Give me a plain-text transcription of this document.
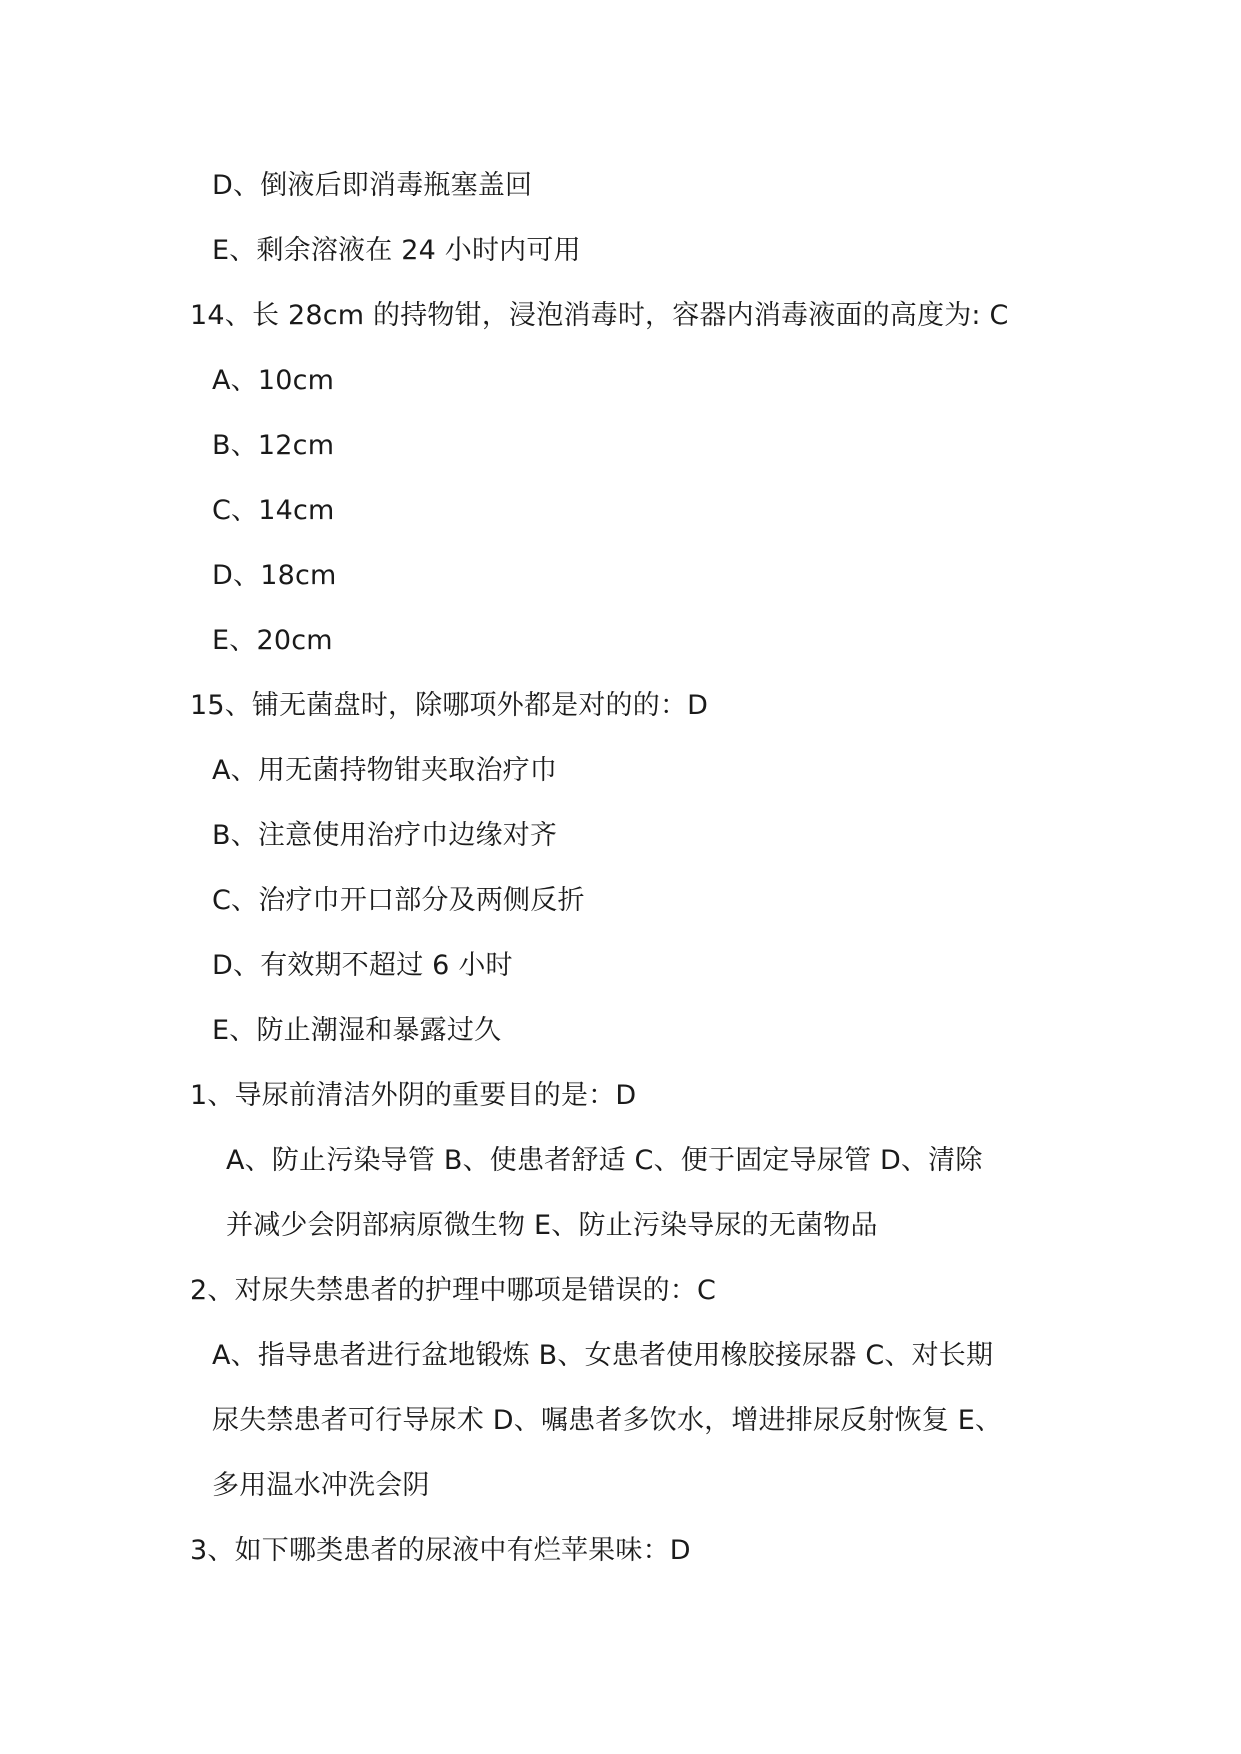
D、倒液后即消毒瓶塞盖回
E、剩余溶液在 24 小时内可用
14、长 28cm 的持物钳，浸泡消毒时，容器内消毒液面的高度为: C
A、10cm
B、12cm
C、14cm
D、18cm
E、20cm
15、铺无菌盘时，除哪项外都是对的的：D
A、用无菌持物钳夹取治疗巾
B、注意使用治疗巾边缘对齐
C、治疗巾开口部分及两侧反折
D、有效期不超过 6 小时
E、防止潮湿和暴露过久
1、导尿前清洁外阴的重要目的是：D
A、防止污染导管 B、使患者舒适 C、便于固定导尿管 D、清除
并减少会阴部病原微生物 E、防止污染导尿的无菌物品
2、对尿失禁患者的护理中哪项是错误的：C
A、指导患者进行盆地锻炼 B、女患者使用橡胶接尿器 C、对长期
尿失禁患者可行导尿术 D、嘱患者多饮水，增进排尿反射恢复 E、
多用温水冲洗会阴
3、如下哪类患者的尿液中有烂苹果味：D
